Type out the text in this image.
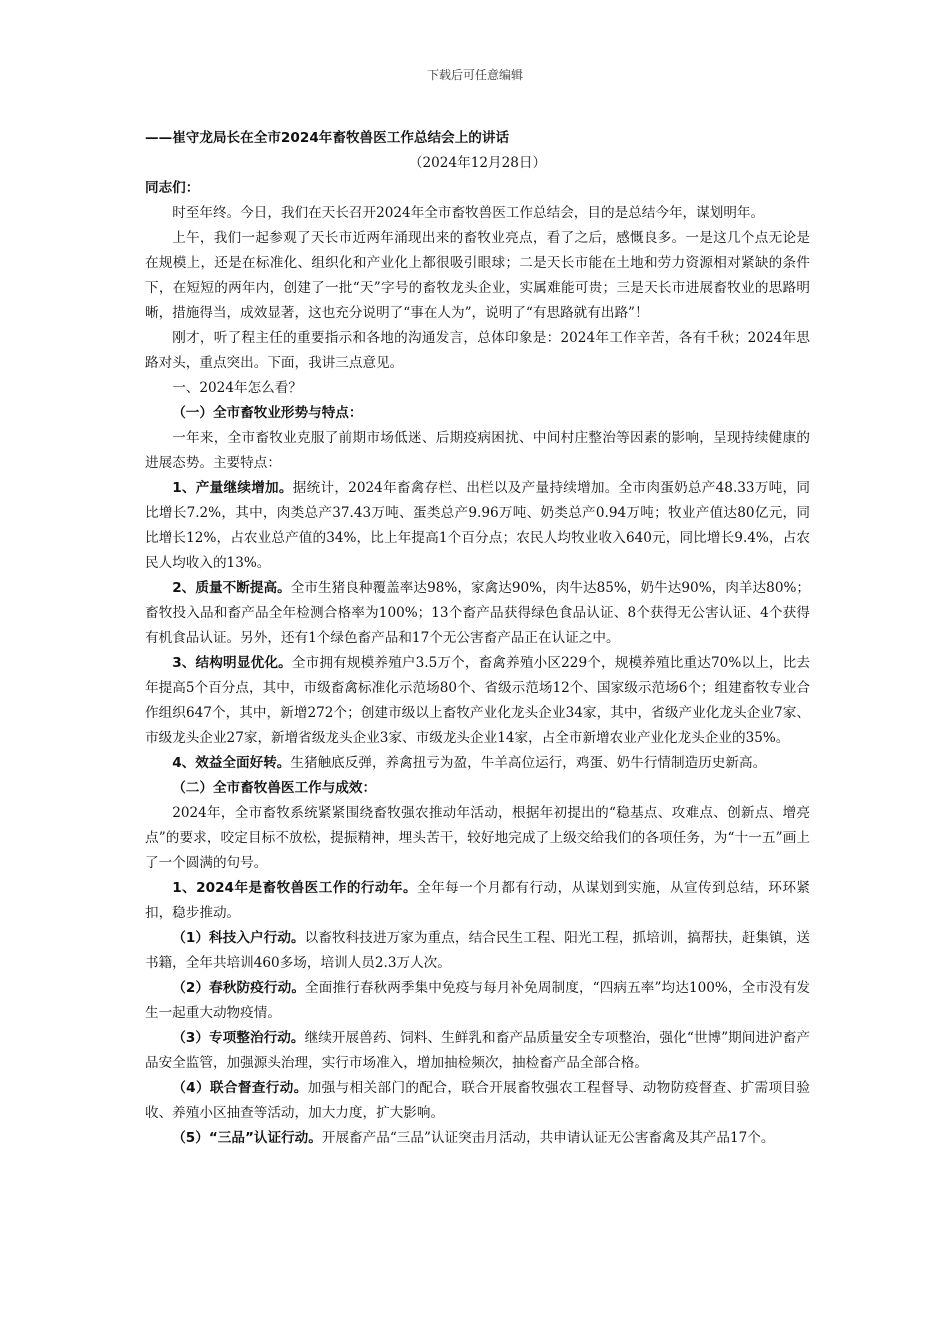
下载后可任意编辑

——崔守龙局长在全市2024年畜牧兽医工作总结会上的讲话

（2024年12月28日）

同志们：

时至年终。今日，我们在天长召开2024年全市畜牧兽医工作总结会，目的是总结今年，谋划明年。

上午，我们一起参观了天长市近两年涌现出来的畜牧业亮点，看了之后，感慨良多。一是这几个点无论是在规模上，还是在标准化、组织化和产业化上都很吸引眼球；二是天长市能在土地和劳力资源相对紧缺的条件下，在短短的两年内，创建了一批“天”字号的畜牧龙头企业，实属难能可贵；三是天长市进展畜牧业的思路明晰，措施得当，成效显著，这也充分说明了“事在人为”，说明了“有思路就有出路”！

刚才，听了程主任的重要指示和各地的沟通发言，总体印象是：2024年工作辛苦，各有千秋；2024年思路对头，重点突出。下面，我讲三点意见。

一、2024年怎么看？

（一）全市畜牧业形势与特点：

一年来，全市畜牧业克服了前期市场低迷、后期疫病困扰、中间村庄整治等因素的影响，呈现持续健康的进展态势。主要特点：

1、产量继续增加。据统计，2024年畜禽存栏、出栏以及产量持续增加。全市肉蛋奶总产48.33万吨，同比增长7.2%，其中，肉类总产37.43万吨、蛋类总产9.96万吨、奶类总产0.94万吨；牧业产值达80亿元，同比增长12%，占农业总产值的34%，比上年提高1个百分点；农民人均牧业收入640元，同比增长9.4%，占农民人均收入的13%。

2、质量不断提高。全市生猪良种覆盖率达98%，家禽达90%，肉牛达85%，奶牛达90%，肉羊达80%；畜牧投入品和畜产品全年检测合格率为100%；13个畜产品获得绿色食品认证、8个获得无公害认证、4个获得有机食品认证。另外，还有1个绿色畜产品和17个无公害畜产品正在认证之中。

3、结构明显优化。全市拥有规模养殖户3.5万个，畜禽养殖小区229个，规模养殖比重达70%以上，比去年提高5个百分点，其中，市级畜禽标准化示范场80个、省级示范场12个、国家级示范场6个；组建畜牧专业合作组织647个，其中，新增272个；创建市级以上畜牧产业化龙头企业34家，其中，省级产业化龙头企业7家、市级龙头企业27家，新增省级龙头企业3家、市级龙头企业14家，占全市新增农业产业化龙头企业的35%。

4、效益全面好转。生猪触底反弹，养禽扭亏为盈，牛羊高位运行，鸡蛋、奶牛行情制造历史新高。

（二）全市畜牧兽医工作与成效：

2024年，全市畜牧系统紧紧围绕畜牧强农推动年活动，根据年初提出的“稳基点、攻难点、创新点、增亮点”的要求，咬定目标不放松，提振精神，埋头苦干，较好地完成了上级交给我们的各项任务，为“十一五”画上了一个圆满的句号。

1、2024年是畜牧兽医工作的行动年。全年每一个月都有行动，从谋划到实施，从宣传到总结，环环紧扣，稳步推动。

（1）科技入户行动。以畜牧科技进万家为重点，结合民生工程、阳光工程，抓培训，搞帮扶，赶集镇，送书籍，全年共培训460多场，培训人员2.3万人次。

（2）春秋防疫行动。全面推行春秋两季集中免疫与每月补免周制度，“四病五率”均达100%，全市没有发生一起重大动物疫情。

（3）专项整治行动。继续开展兽药、饲料、生鲜乳和畜产品质量安全专项整治，强化“世博”期间进沪畜产品安全监管，加强源头治理，实行市场准入，增加抽检频次，抽检畜产品全部合格。

（4）联合督查行动。加强与相关部门的配合，联合开展畜牧强农工程督导、动物防疫督查、扩需项目验收、养殖小区抽查等活动，加大力度，扩大影响。

（5）“三品”认证行动。开展畜产品“三品”认证突击月活动，共申请认证无公害畜禽及其产品17个。
